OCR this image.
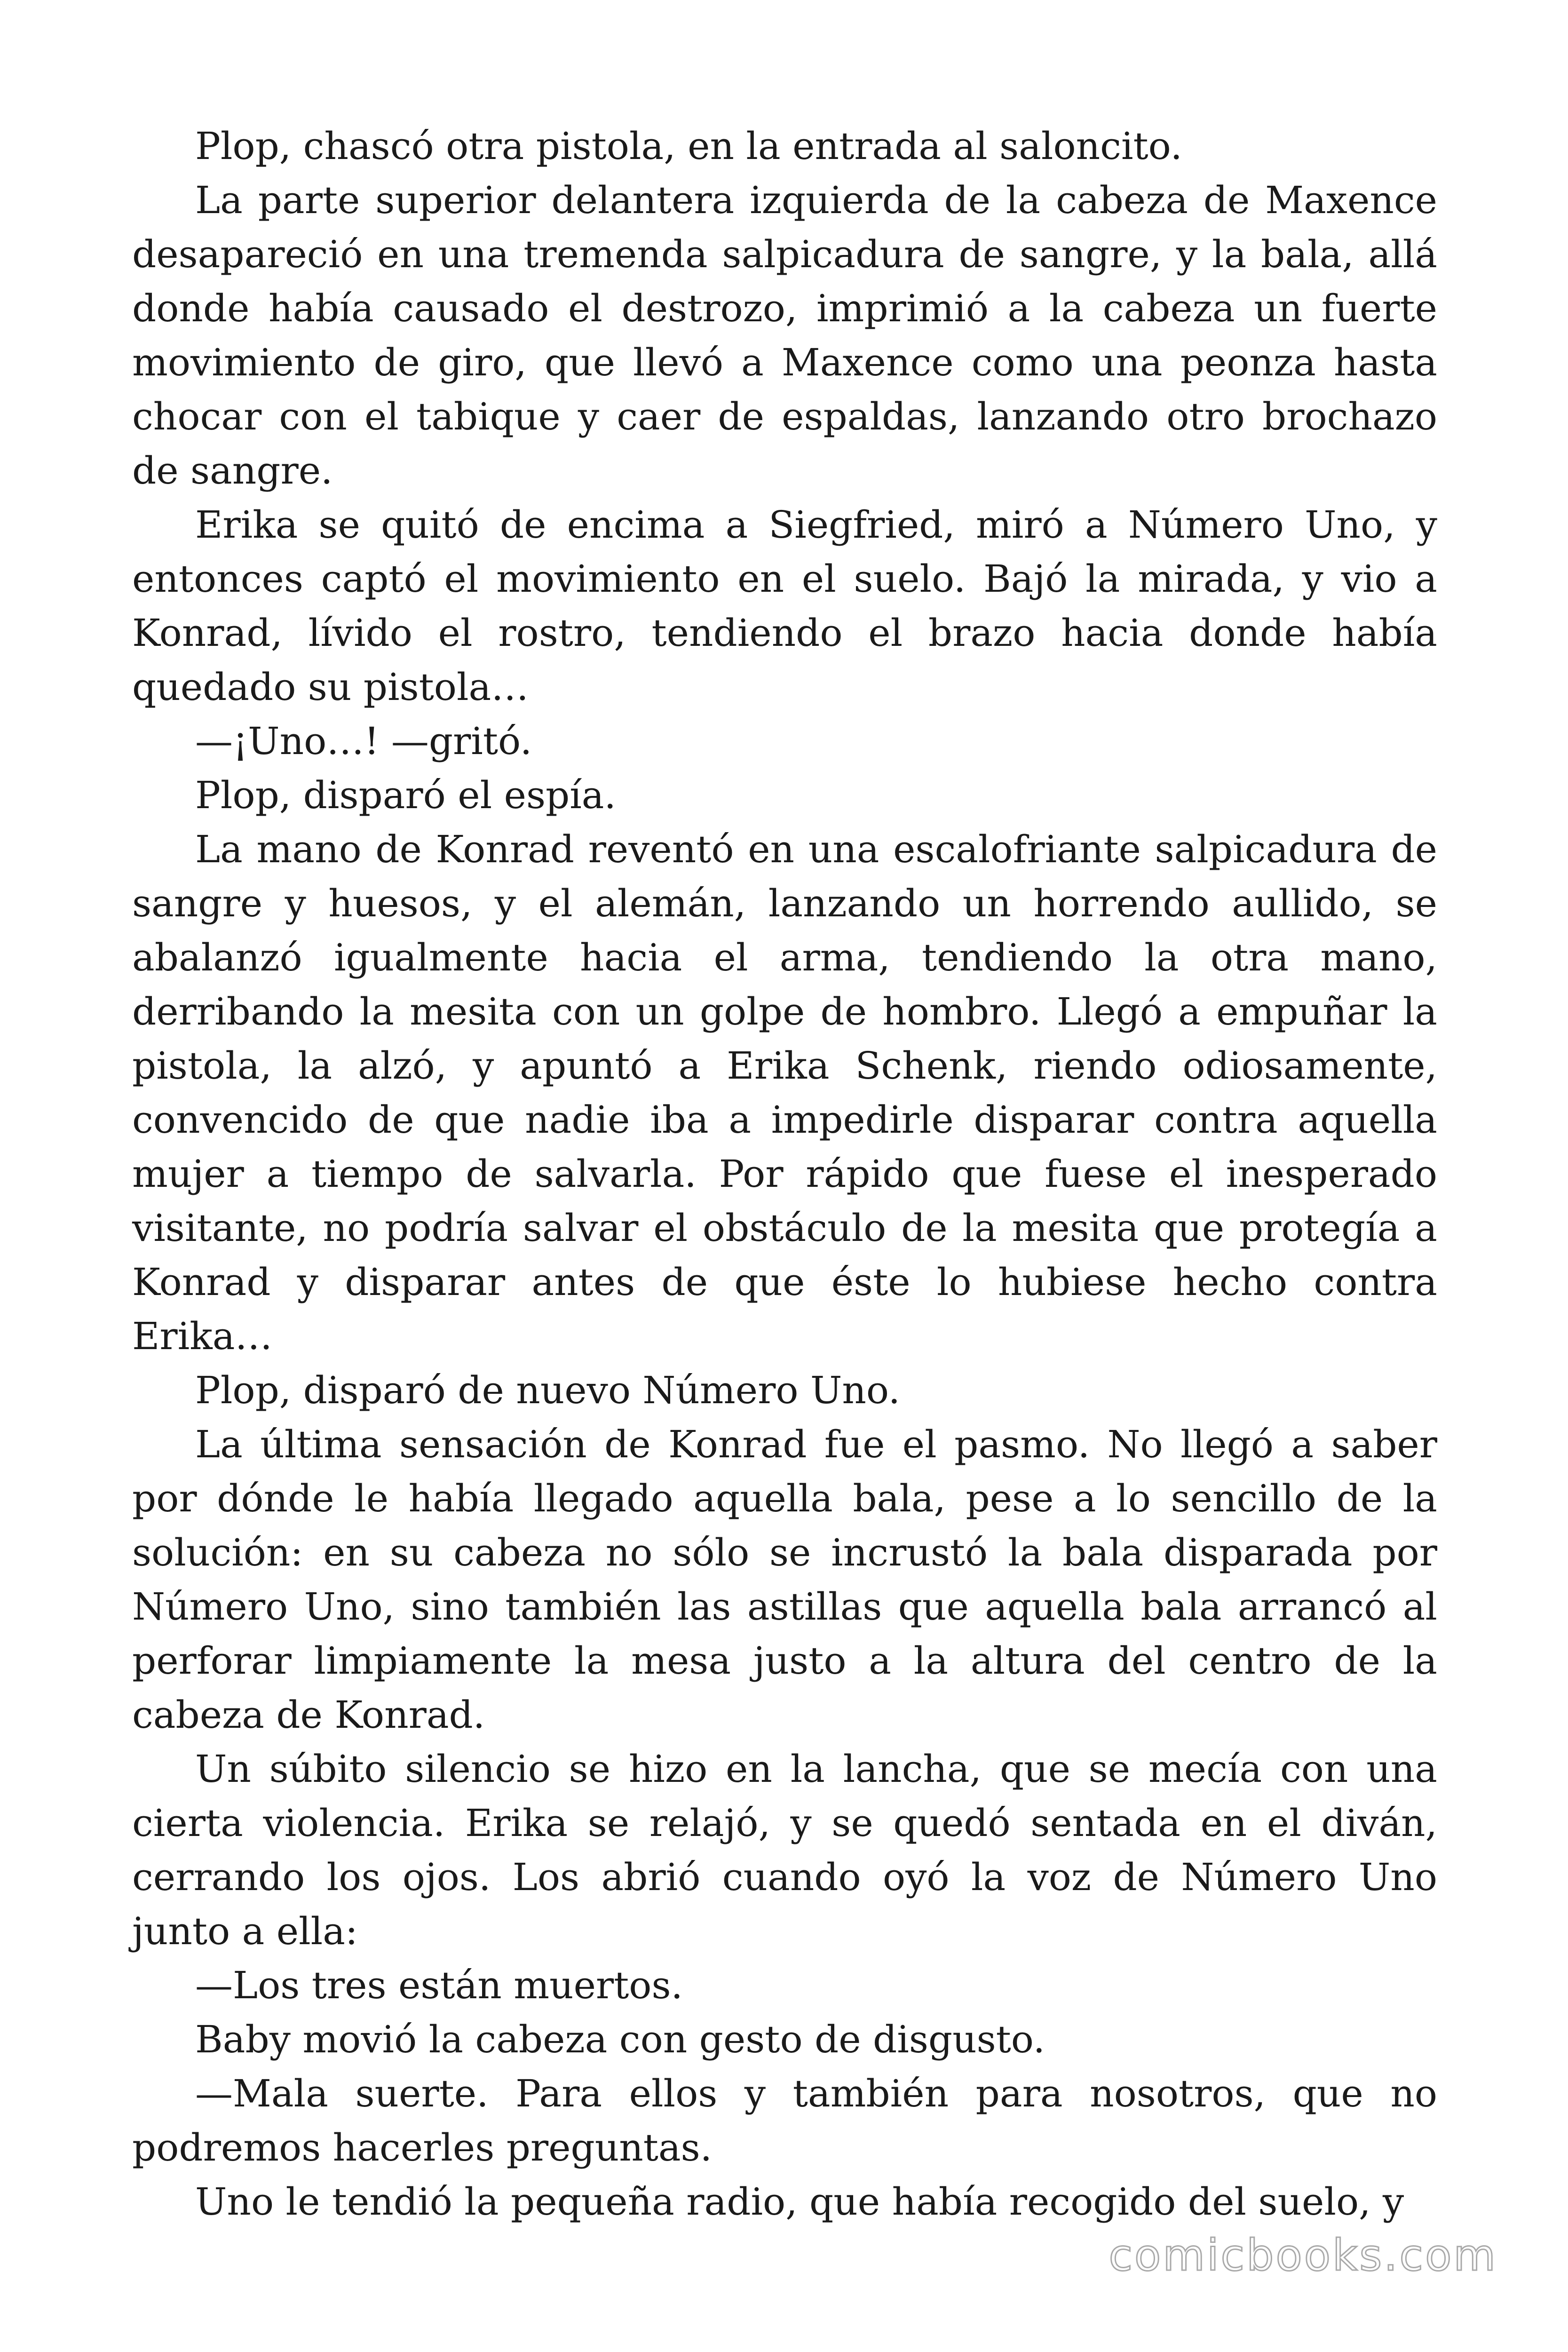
Plop, chascó otra pistola, en la entrada al saloncito.

La parte superior delantera izquierda de la cabeza de Maxence desapareció en una tremenda salpicadura de sangre, y la bala, allá donde había causado el destrozo, imprimió a la cabeza un fuerte movimiento de giro, que llevó a Maxence como una peonza hasta chocar con el tabique y caer de espaldas, lanzando otro brochazo de sangre.

Erika se quitó de encima a Siegfried, miró a Número Uno, y entonces captó el movimiento en el suelo. Bajó la mirada, y vio a Konrad, lívido el rostro, tendiendo el brazo hacia donde había quedado su pistola…

—¡Uno…! —gritó.

Plop, disparó el espía.

La mano de Konrad reventó en una escalofriante salpicadura de sangre y huesos, y el alemán, lanzando un horrendo aullido, se abalanzó igualmente hacia el arma, tendiendo la otra mano, derribando la mesita con un golpe de hombro. Llegó a empuñar la pistola, la alzó, y apuntó a Erika Schenk, riendo odiosamente, convencido de que nadie iba a impedirle disparar contra aquella mujer a tiempo de salvarla. Por rápido que fuese el inesperado visitante, no podría salvar el obstáculo de la mesita que protegía a Konrad y disparar antes de que éste lo hubiese hecho contra Erika…

Plop, disparó de nuevo Número Uno.

La última sensación de Konrad fue el pasmo. No llegó a saber por dónde le había llegado aquella bala, pese a lo sencillo de la solución: en su cabeza no sólo se incrustó la bala disparada por Número Uno, sino también las astillas que aquella bala arrancó al perforar limpiamente la mesa justo a la altura del centro de la cabeza de Konrad.

Un súbito silencio se hizo en la lancha, que se mecía con una cierta violencia. Erika se relajó, y se quedó sentada en el diván, cerrando los ojos. Los abrió cuando oyó la voz de Número Uno junto a ella:

—Los tres están muertos.

Baby movió la cabeza con gesto de disgusto.

—Mala suerte. Para ellos y también para nosotros, que no podremos hacerles preguntas.

Uno le tendió la pequeña radio, que había recogido del suelo, y

comicbooks.com
